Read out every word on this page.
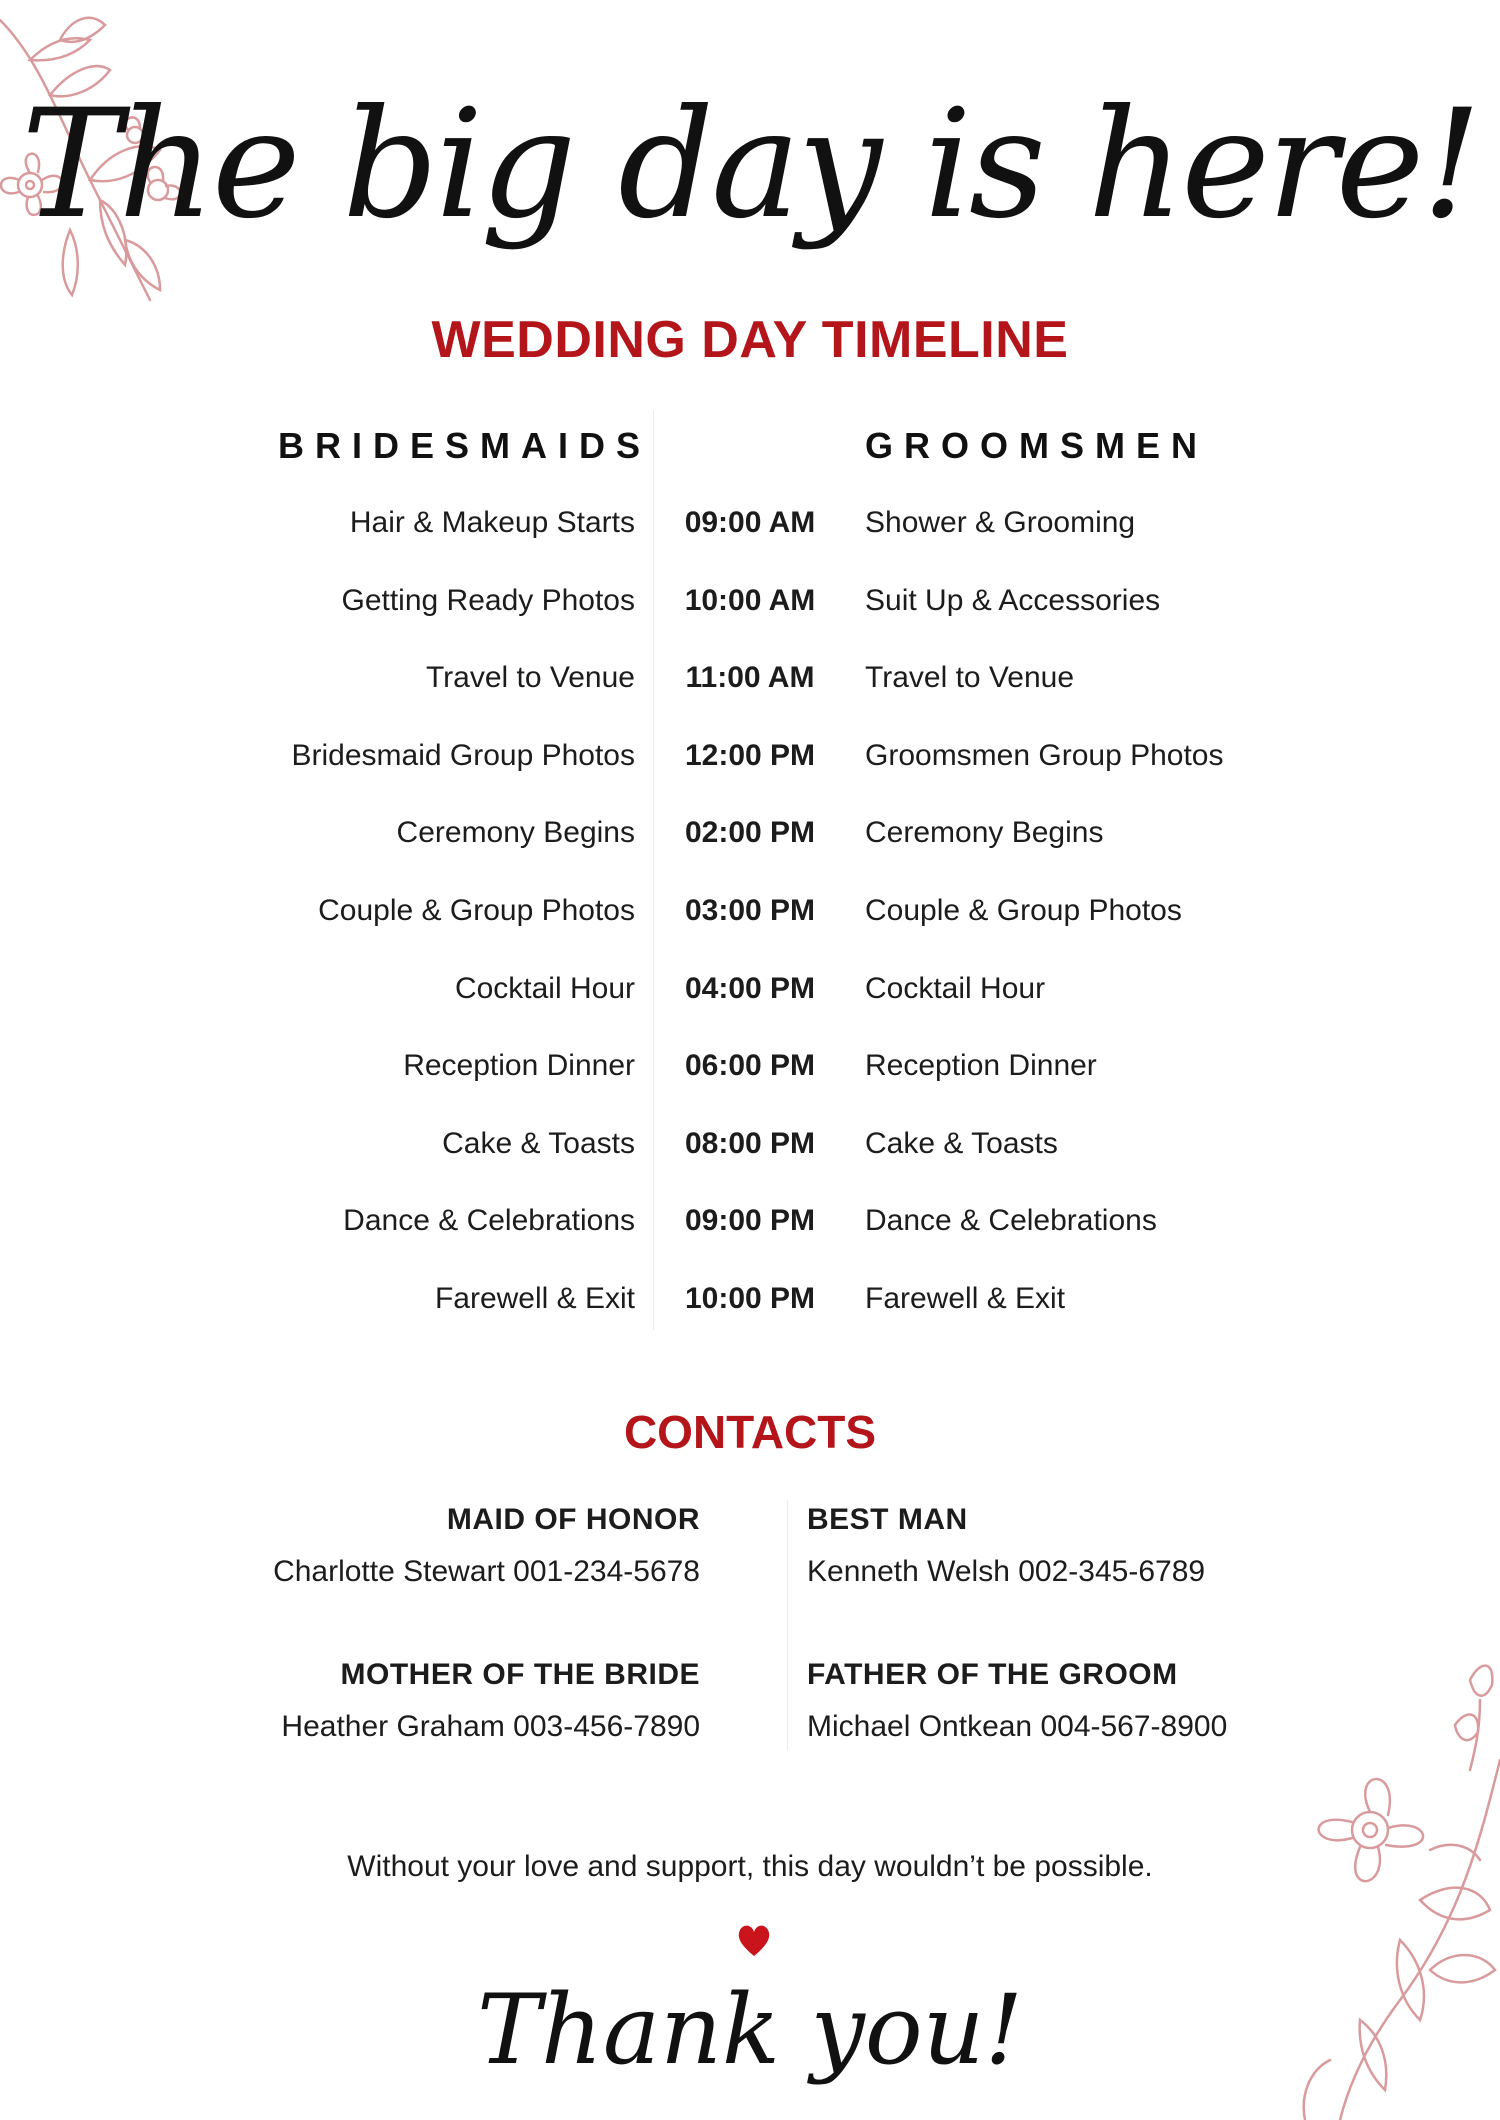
The big day is here!
WEDDING DAY TIMELINE
BRIDESMAIDS	GROOMSMEN
Hair & Makeup Starts	09:00 AM	Shower & Grooming
Getting Ready Photos	10:00 AM	Suit Up & Accessories
Travel to Venue	11:00 AM	Travel to Venue
Bridesmaid Group Photos	12:00 PM	Groomsmen Group Photos
Ceremony Begins	02:00 PM	Ceremony Begins
Couple & Group Photos	03:00 PM	Couple & Group Photos
Cocktail Hour	04:00 PM	Cocktail Hour
Reception Dinner	06:00 PM	Reception Dinner
Cake & Toasts	08:00 PM	Cake & Toasts
Dance & Celebrations	09:00 PM	Dance & Celebrations
Farewell & Exit	10:00 PM	Farewell & Exit
CONTACTS
MAID OF HONOR
Charlotte Stewart 001-234-5678
BEST MAN
Kenneth Welsh 002-345-6789
MOTHER OF THE BRIDE
Heather Graham 003-456-7890
FATHER OF THE GROOM
Michael Ontkean 004-567-8900
Without your love and support, this day wouldn’t be possible.
Thank you!
